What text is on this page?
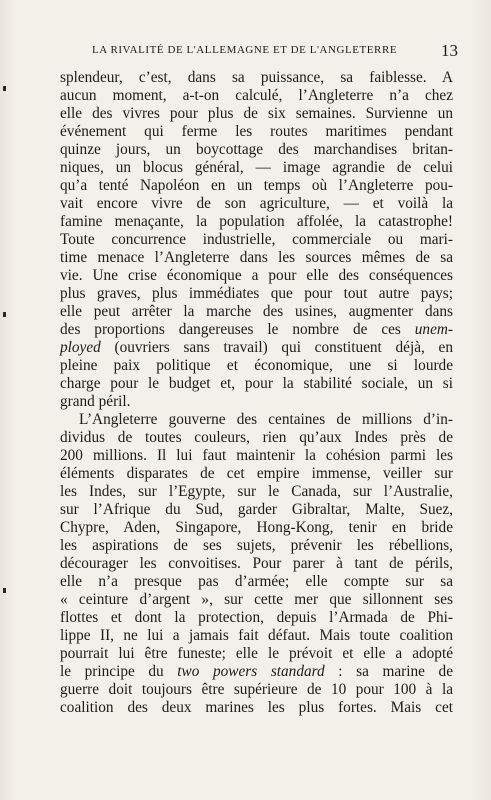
LA RIVALITÉ DE L'ALLEMAGNE ET DE L'ANGLETERRE	13
splendeur, c’est, dans sa puissance, sa faiblesse. A
aucun moment, a-t-on calculé, l’Angleterre n’a chez
elle des vivres pour plus de six semaines. Survienne un
événement qui ferme les routes maritimes pendant
quinze jours, un boycottage des marchandises britan-
niques, un blocus général, — image agrandie de celui
qu’a tenté Napoléon en un temps où l’Angleterre pou-
vait encore vivre de son agriculture, — et voilà la
famine menaçante, la population affolée, la catastrophe!
Toute concurrence industrielle, commerciale ou mari-
time menace l’Angleterre dans les sources mêmes de sa
vie. Une crise économique a pour elle des conséquences
plus graves, plus immédiates que pour tout autre pays;
elle peut arrêter la marche des usines, augmenter dans
des proportions dangereuses le nombre de ces unem-
ployed (ouvriers sans travail) qui constituent déjà, en
pleine paix politique et économique, une si lourde
charge pour le budget et, pour la stabilité sociale, un si
grand péril.
L’Angleterre gouverne des centaines de millions d’in-
dividus de toutes couleurs, rien qu’aux Indes près de
200 millions. Il lui faut maintenir la cohésion parmi les
éléments disparates de cet empire immense, veiller sur
les Indes, sur l’Egypte, sur le Canada, sur l’Australie,
sur l’Afrique du Sud, garder Gibraltar, Malte, Suez,
Chypre, Aden, Singapore, Hong-Kong, tenir en bride
les aspirations de ses sujets, prévenir les rébellions,
décourager les convoitises. Pour parer à tant de périls,
elle n’a presque pas d’armée; elle compte sur sa
« ceinture d’argent », sur cette mer que sillonnent ses
flottes et dont la protection, depuis l’Armada de Phi-
lippe II, ne lui a jamais fait défaut. Mais toute coalition
pourrait lui être funeste; elle le prévoit et elle a adopté
le principe du two powers standard : sa marine de
guerre doit toujours être supérieure de 10 pour 100 à la
coalition des deux marines les plus fortes. Mais cet
